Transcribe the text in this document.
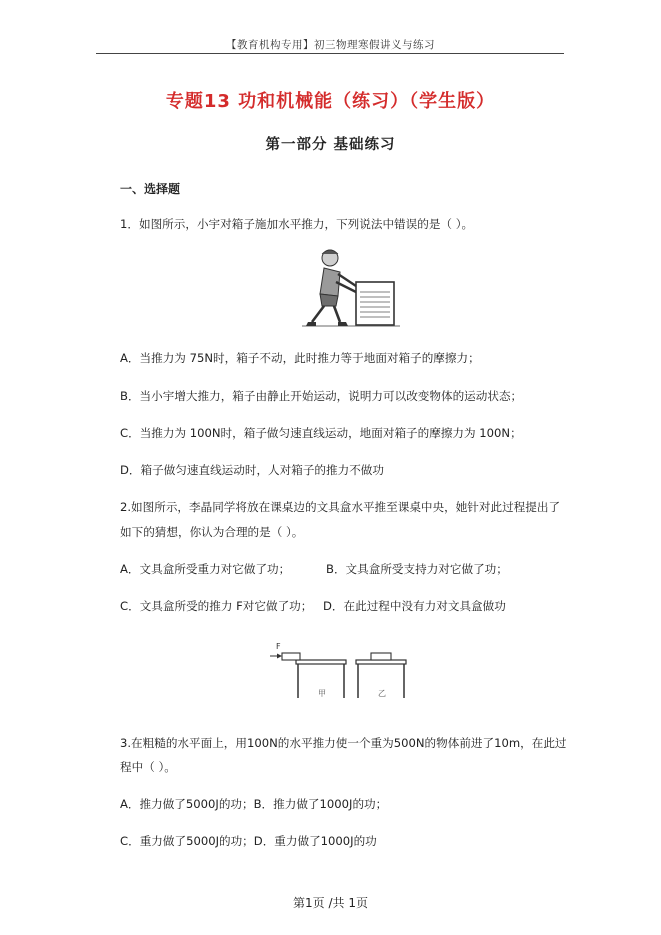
【教育机构专用】初三物理寒假讲义与练习
专题13 功和机械能（练习）（学生版）
第一部分 基础练习
一、选择题
1．如图所示，小宇对箱子施加水平推力，下列说法中错误的是（ ）。
A．当推力为 75N时，箱子不动，此时推力等于地面对箱子的摩擦力；
B．当小宇增大推力，箱子由静止开始运动，说明力可以改变物体的运动状态；
C．当推力为 100N时，箱子做匀速直线运动，地面对箱子的摩擦力为 100N；
D．箱子做匀速直线运动时，人对箱子的推力不做功
2.如图所示，李晶同学将放在课桌边的文具盒水平推至课桌中央，她针对此过程提出了
如下的猜想，你认为合理的是（ ）。
A．文具盒所受重力对它做了功；	B．文具盒所受支持力对它做了功；
C．文具盒所受的推力 F对它做了功； D．在此过程中没有力对文具盒做功
F
甲	乙
3.在粗糙的水平面上，用100N的水平推力使一个重为500N的物体前进了10m，在此过
程中（ ）。
A．推力做了5000J的功；B．推力做了1000J的功；
C．重力做了5000J的功；D．重力做了1000J的功
第1页 /共 1页
